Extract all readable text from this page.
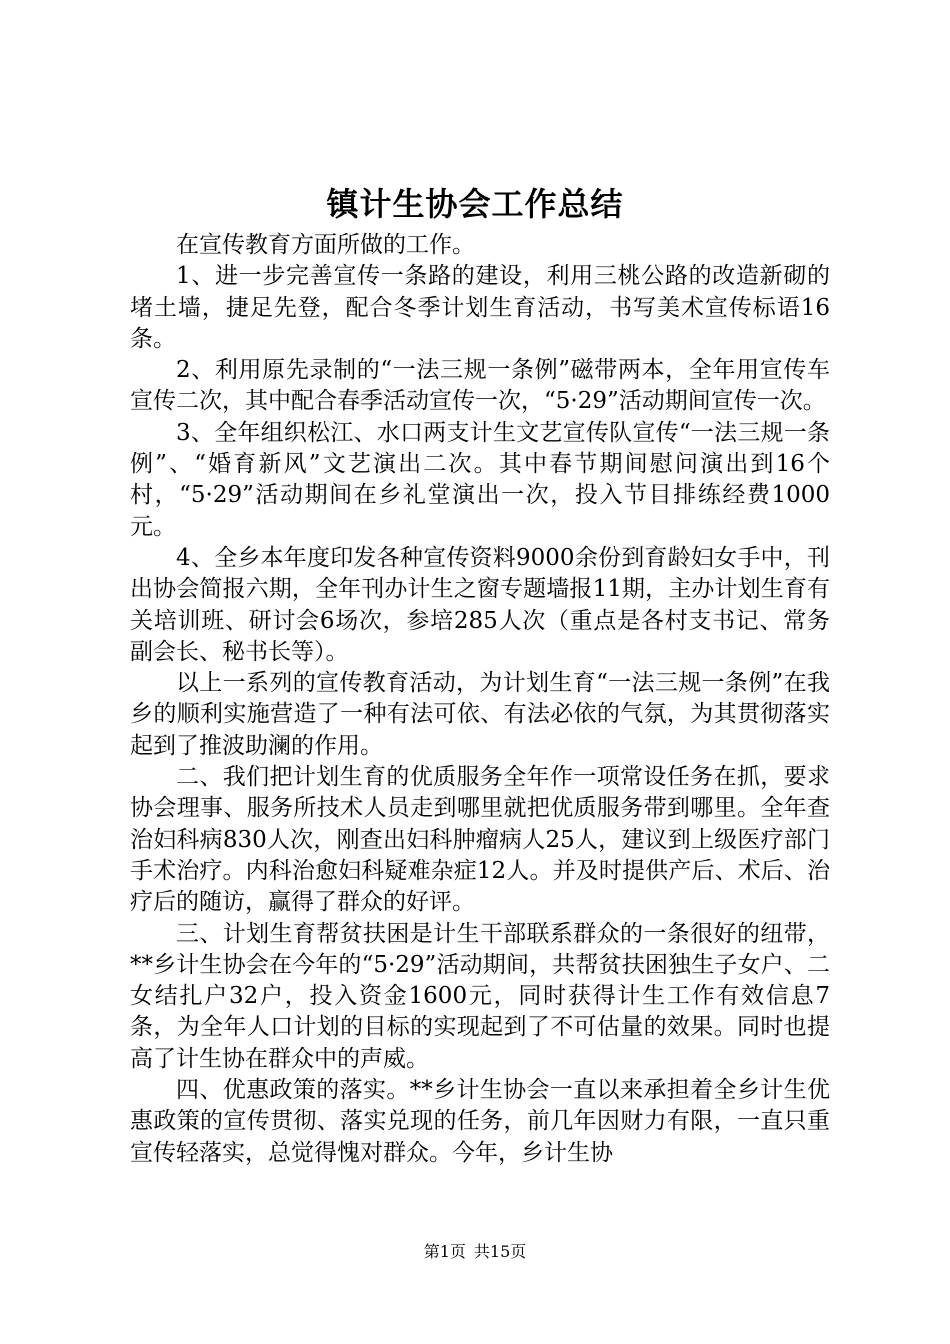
镇计生协会工作总结

在宣传教育方面所做的工作。

1、进一步完善宣传一条路的建设，利用三桃公路的改造新砌的堵土墙，捷足先登，配合冬季计划生育活动，书写美术宣传标语16条。

2、利用原先录制的“一法三规一条例”磁带两本，全年用宣传车宣传二次，其中配合春季活动宣传一次，“5·29”活动期间宣传一次。

3、全年组织松江、水口两支计生文艺宣传队宣传“一法三规一条例”、“婚育新风”文艺演出二次。其中春节期间慰问演出到16个村，“5·29”活动期间在乡礼堂演出一次，投入节目排练经费1000元。

4、全乡本年度印发各种宣传资料9000余份到育龄妇女手中，刊出协会简报六期，全年刊办计生之窗专题墙报11期，主办计划生育有关培训班、研讨会6场次，参培285人次（重点是各村支书记、常务副会长、秘书长等）。

以上一系列的宣传教育活动，为计划生育“一法三规一条例”在我乡的顺利实施营造了一种有法可依、有法必依的气氛，为其贯彻落实起到了推波助澜的作用。

二、我们把计划生育的优质服务全年作一项常设任务在抓，要求协会理事、服务所技术人员走到哪里就把优质服务带到哪里。全年查治妇科病830人次，刚查出妇科肿瘤病人25人，建议到上级医疗部门手术治疗。内科治愈妇科疑难杂症12人。并及时提供产后、术后、治疗后的随访，赢得了群众的好评。

三、计划生育帮贫扶困是计生干部联系群众的一条很好的纽带，**乡计生协会在今年的“5·29”活动期间，共帮贫扶困独生子女户、二女结扎户32户，投入资金1600元，同时获得计生工作有效信息7条，为全年人口计划的目标的实现起到了不可估量的效果。同时也提高了计生协在群众中的声威。

四、优惠政策的落实。**乡计生协会一直以来承担着全乡计生优惠政策的宣传贯彻、落实兑现的任务，前几年因财力有限，一直只重宣传轻落实，总觉得愧对群众。今年，乡计生协

第1页 共15页
